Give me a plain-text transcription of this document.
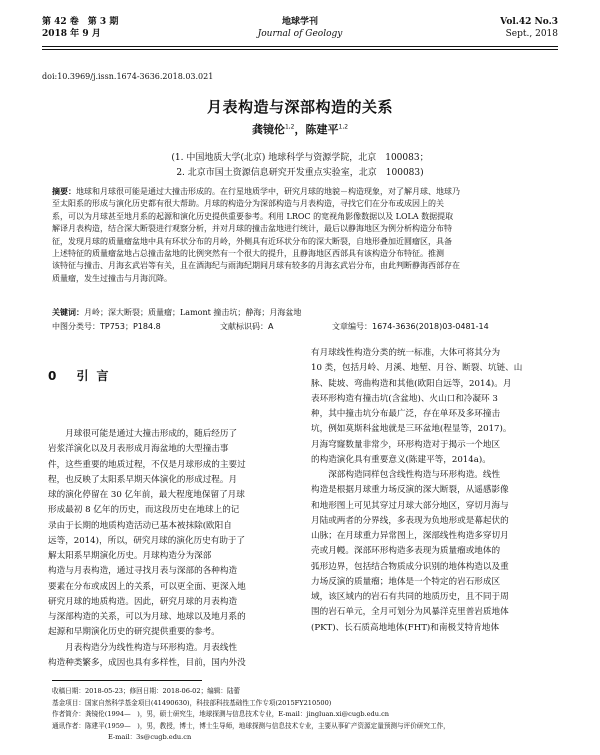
第 42 卷　第 3 期
2018 年 9 月
地球学刊
Journal of Geology
Vol.42 No.3
Sept., 2018
doi:10.3969/j.issn.1674-3636.2018.03.021
月表构造与深部构造的关系
龚镜伦$^{1,2}$，陈建平$^{1,2}$
(1. 中国地质大学(北京) 地球科学与资源学院，北京　100083；
2. 北京市国土资源信息研究开发重点实验室，北京　100083)
摘要：地球和月球很可能是通过大撞击形成的。在行星地质学中，研究月球的地貌－构造现象，对了解月球、地球乃
至太阳系的形成与演化历史都有很大帮助。月球的构造分为深部构造与月表构造，寻找它们在分布或成因上的关
系，可以为月球甚至地月系的起源和演化历史提供重要参考。利用 LROC 的宽视角影像数据以及 LOLA 数据提取
解译月表构造，结合深大断裂进行观察分析，并对月球的撞击盆地进行统计，最后以静海地区为例分析构造分布特
征，发现月球的质量瘤盆地中具有环状分布的月岭，外侧具有近环状分布的深大断裂，自地形叠加近圆瘤区，具备
上述特征的质量瘤盆地占总撞击盆地的比例突然有一个很大的提升，且静海地区西部具有该构造分布特征。推测
该特征与撞击、月海玄武岩等有关，且在酒海纪与雨海纪期间月球有较多的月海玄武岩分布，由此判断静海西部存在
质量瘤，发生过撞击与月海沉降。
关键词：月岭；深大断裂；质量瘤；Lamont 撞击坑；静海；月海盆地
中图分类号：TP753；P184.8	文献标识码：A	文章编号：1674-3636(2018)03-0481-14
0 引言

月球很可能是通过大撞击形成的，随后经历了

岩浆洋演化以及月表形成月海盆地的大型撞击事

件，这些重要的地质过程，不仅是月球形成的主要过

程，也反映了太阳系早期天体演化的形成过程。月

球的演化停留在 30 亿年前，最大程度地保留了月球

形成最初 8 亿年的历史，而这段历史在地球上的记

录由于长期的地质构造活动已基本被抹除(欧阳自

远等，2014)，所以，研究月球的演化历史有助于了

解太阳系早期演化历史。月球构造分为深部

构造与月表构造，通过寻找月表与深部的各种构造

要素在分布或成因上的关系，可以更全面、更深入地

研究月球的地质构造。因此，研究月球的月表构造

与深部构造的关系，可以为月球、地球以及地月系的

起源和早期演化历史的研究提供重要的参考。

月表构造分为线性构造与环形构造。月表线性

构造种类繁多，成因也具有多样性，目前，国内外没

有月球线性构造分类的统一标准，大体可将其分为

10 类，包括月岭、月溪、地堑、月谷、断裂、坑链、山

脉、陡坡、弯曲构造和其他(欧阳自远等，2014)。月

表环形构造有撞击坑(含盆地)、火山口和冷凝环 3

种，其中撞击坑分布最广泛，存在单环及多环撞击

坑，例如莫斯科盆地就是三环盆地(程显等，2017)。

月海穹窿数量非常少，环形构造对于揭示一个地区

的构造演化具有重要意义(陈建平等，2014a)。

深部构造同样包含线性构造与环形构造。线性

构造是根据月球重力场反演的深大断裂，从遥感影像

和地形图上可见其穿过月球大部分地区，穿切月海与

月陆或两者的分界线，多表现为负地形或是幕起伏的

山脉；在月球重力异常图上，深部线性构造多穿切月

壳或月幔。深部环形构造多表现为质量瘤或地体的

弧形边界，包括结合物质成分识别的地体构造以及重

力场反演的质量瘤；地体是一个特定的岩石形成区

域，该区域内的岩石有共同的地质历史，且不同于周

围的岩石单元，全月可划分为风暴洋克里普岩质地体

(PKT)、长石质高地地体(FHT)和南极艾特肯地体

收稿日期：2018-05-23；修回日期：2018-06-02；编辑：陆蕾
基金项目：国家自然科学基金项目(41490630)，科技部科技基础性工作专项(2015FY210500)
作者简介：龚镜伦(1994—　)，男，硕士研究生，地球探测与信息技术专业，E-mail：jingluan.xi@cugb.edu.cn
通讯作者：陈建平(1959—　)，男，教授，博士，博士生导师，地球探测与信息技术专业，主要从事矿产资源定量预测与评价研究工作，
E-mail：3s@cugb.edu.cn
